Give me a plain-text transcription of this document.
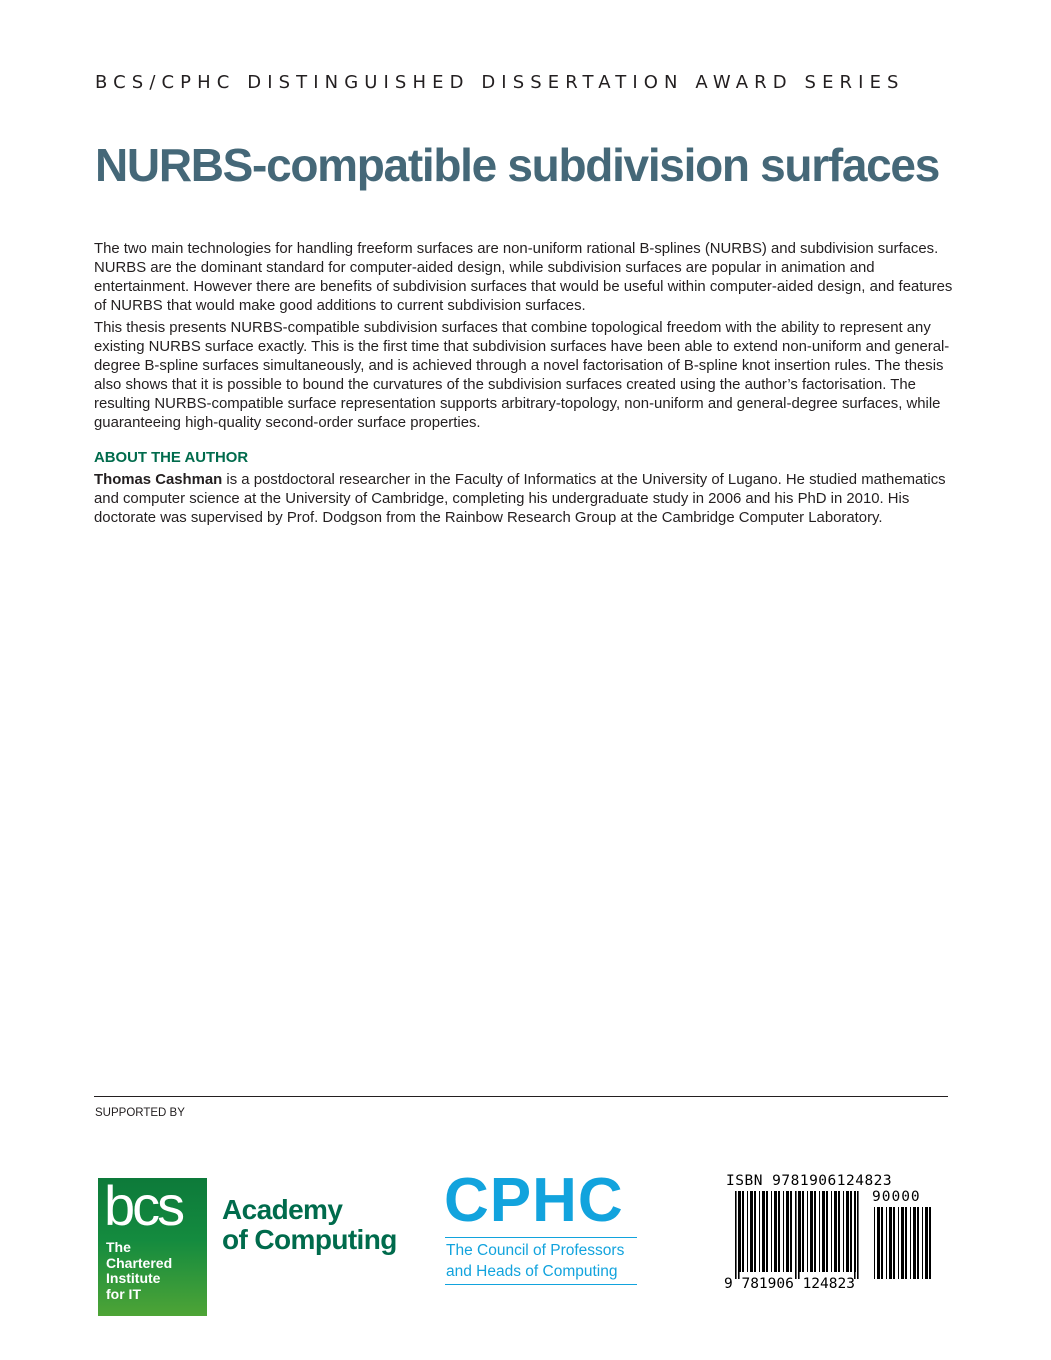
BCS/CPHC DISTINGUISHED DISSERTATION AWARD SERIES
NURBS-compatible subdivision surfaces

The two main technologies for handling freeform surfaces are non-uniform rational B-splines (NURBS) and subdivision surfaces. NURBS are the dominant standard for computer-aided design, while subdivision surfaces are popular in animation and entertainment. However there are benefits of subdivision surfaces that would be useful within computer-aided design, and features of NURBS that would make good additions to current subdivision surfaces.

This thesis presents NURBS-compatible subdivision surfaces that combine topological freedom with the ability to represent any existing NURBS surface exactly. This is the first time that subdivision surfaces have been able to extend non-uniform and general-degree B-spline surfaces simultaneously, and is achieved through a novel factorisation of B-spline knot insertion rules. The thesis also shows that it is possible to bound the curvatures of the subdivision surfaces created using the author’s factorisation. The resulting NURBS-compatible surface representation supports arbitrary-topology, non-uniform and general-degree surfaces, while guaranteeing high-quality second-order surface properties.

ABOUT THE AUTHOR

Thomas Cashman is a postdoctoral researcher in the Faculty of Informatics at the University of Lugano. He studied mathematics and computer science at the University of Cambridge, completing his undergraduate study in 2006 and his PhD in 2010. His doctorate was supervised by Prof. Dodgson from the Rainbow Research Group at the Cambridge Computer Laboratory.

SUPPORTED BY
bcs
The
Chartered
Institute
for IT
Academy
of Computing
CPHC
The Council of Professors
and Heads of Computing
ISBN 9781906124823
90000
9 781906 124823
